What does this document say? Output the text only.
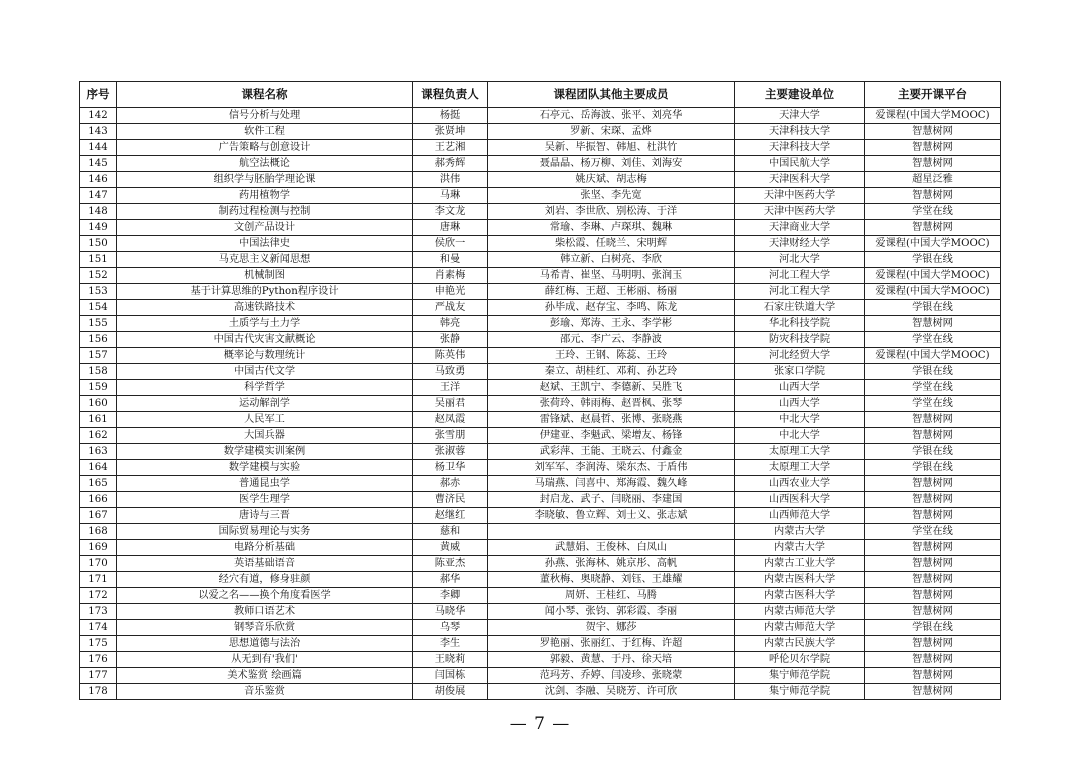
序号	课程名称	课程负责人	课程团队其他主要成员	主要建设单位	主要开课平台
142	信号分析与处理	杨挺	石亭元、岳海波、张平、刘亮华	天津大学	爱课程(中国大学MOOC)
143	软件工程	张贤坤	罗新、宋琛、孟烨	天津科技大学	智慧树网
144	广告策略与创意设计	王艺湘	吴新、毕振智、韩旭、杜洪竹	天津科技大学	智慧树网
145	航空法概论	郝秀辉	聂晶晶、杨万柳、刘佳、刘海安	中国民航大学	智慧树网
146	组织学与胚胎学理论课	洪伟	姚庆斌、胡志梅	天津医科大学	超星泛雅
147	药用植物学	马琳	张坚、李先宽	天津中医药大学	智慧树网
148	制药过程检测与控制	李文龙	刘岩、李世欣、别松涛、于洋	天津中医药大学	学堂在线
149	文创产品设计	唐琳	常瑜、李琳、卢琛琪、魏琳	天津商业大学	智慧树网
150	中国法律史	侯欣一	柴松霞、任晓兰、宋明辉	天津财经大学	爱课程(中国大学MOOC)
151	马克思主义新闻思想	和曼	韩立新、白树亮、李欣	河北大学	学银在线
152	机械制图	肖素梅	马希青、崔坚、马明明、张润玉	河北工程大学	爱课程(中国大学MOOC)
153	基于计算思维的Python程序设计	申艳光	薛红梅、王超、王彬丽、杨丽	河北工程大学	爱课程(中国大学MOOC)
154	高速铁路技术	严战友	孙毕成、赵存宝、李鸣、陈龙	石家庄铁道大学	学银在线
155	土质学与土力学	韩亮	彭瑜、郑涛、王永、李学彬	华北科技学院	智慧树网
156	中国古代灾害文献概论	张静	邵元、李广云、李静波	防灾科技学院	学堂在线
157	概率论与数理统计	陈英伟	王玲、王钢、陈蕊、王玲	河北经贸大学	爱课程(中国大学MOOC)
158	中国古代文学	马致勇	秦立、胡桂红、邓莉、孙艺玲	张家口学院	学银在线
159	科学哲学	王洋	赵斌、王凯宁、李德新、吴胜飞	山西大学	学堂在线
160	运动解剖学	吴丽君	张荷玲、韩雨梅、赵晋枫、张琴	山西大学	学堂在线
161	人民军工	赵凤霞	雷锋斌、赵晨哲、张博、张晓燕	中北大学	智慧树网
162	大国兵器	张雪朋	伊建亚、李魁武、梁增友、杨锋	中北大学	智慧树网
163	数学建模实训案例	张淑蓉	武彩萍、王能、王晓云、付鑫金	太原理工大学	学银在线
164	数学建模与实验	杨卫华	刘军军、李润涛、梁东杰、于盾伟	太原理工大学	学银在线
165	普通昆虫学	郝赤	马瑞燕、闫喜中、郑海霞、魏久峰	山西农业大学	智慧树网
166	医学生理学	曹济民	封启龙、武子、闫晓丽、李建国	山西医科大学	智慧树网
167	唐诗与三晋	赵继红	李晓敏、鲁立辉、刘士义、张志斌	山西师范大学	智慧树网
168	国际贸易理论与实务	慈和		内蒙古大学	学堂在线
169	电路分析基础	黄威	武慧娟、王俊林、白凤山	内蒙古大学	智慧树网
170	英语基础语音	陈亚杰	孙燕、张海林、姚京彤、高帆	内蒙古工业大学	智慧树网
171	经穴有道，修身驻颜	郝华	董秋梅、奥晓静、刘钰、王雄耀	内蒙古医科大学	智慧树网
172	以爱之名——换个角度看医学	李卿	周妍、王桂红、马腾	内蒙古医科大学	智慧树网
173	教师口语艺术	马晓华	闻小琴、张钧、郭彩霞、李丽	内蒙古师范大学	智慧树网
174	钢琴音乐欣赏	乌琴	贺宇、娜莎	内蒙古师范大学	学银在线
175	思想道德与法治	李生	罗艳丽、张丽红、于红梅、许超	内蒙古民族大学	智慧树网
176	从无到有'我们'	王晓莉	郭毅、黄慧、于丹、徐天培	呼伦贝尔学院	智慧树网
177	美术鉴赏 绘画篇	闫国栋	范玛芳、乔婷、闫凌珍、张晓蒙	集宁师范学院	智慧树网
178	音乐鉴赏	胡俊展	沈剑、李融、吴晓芳、许可欣	集宁师范学院	智慧树网
— 7 —
